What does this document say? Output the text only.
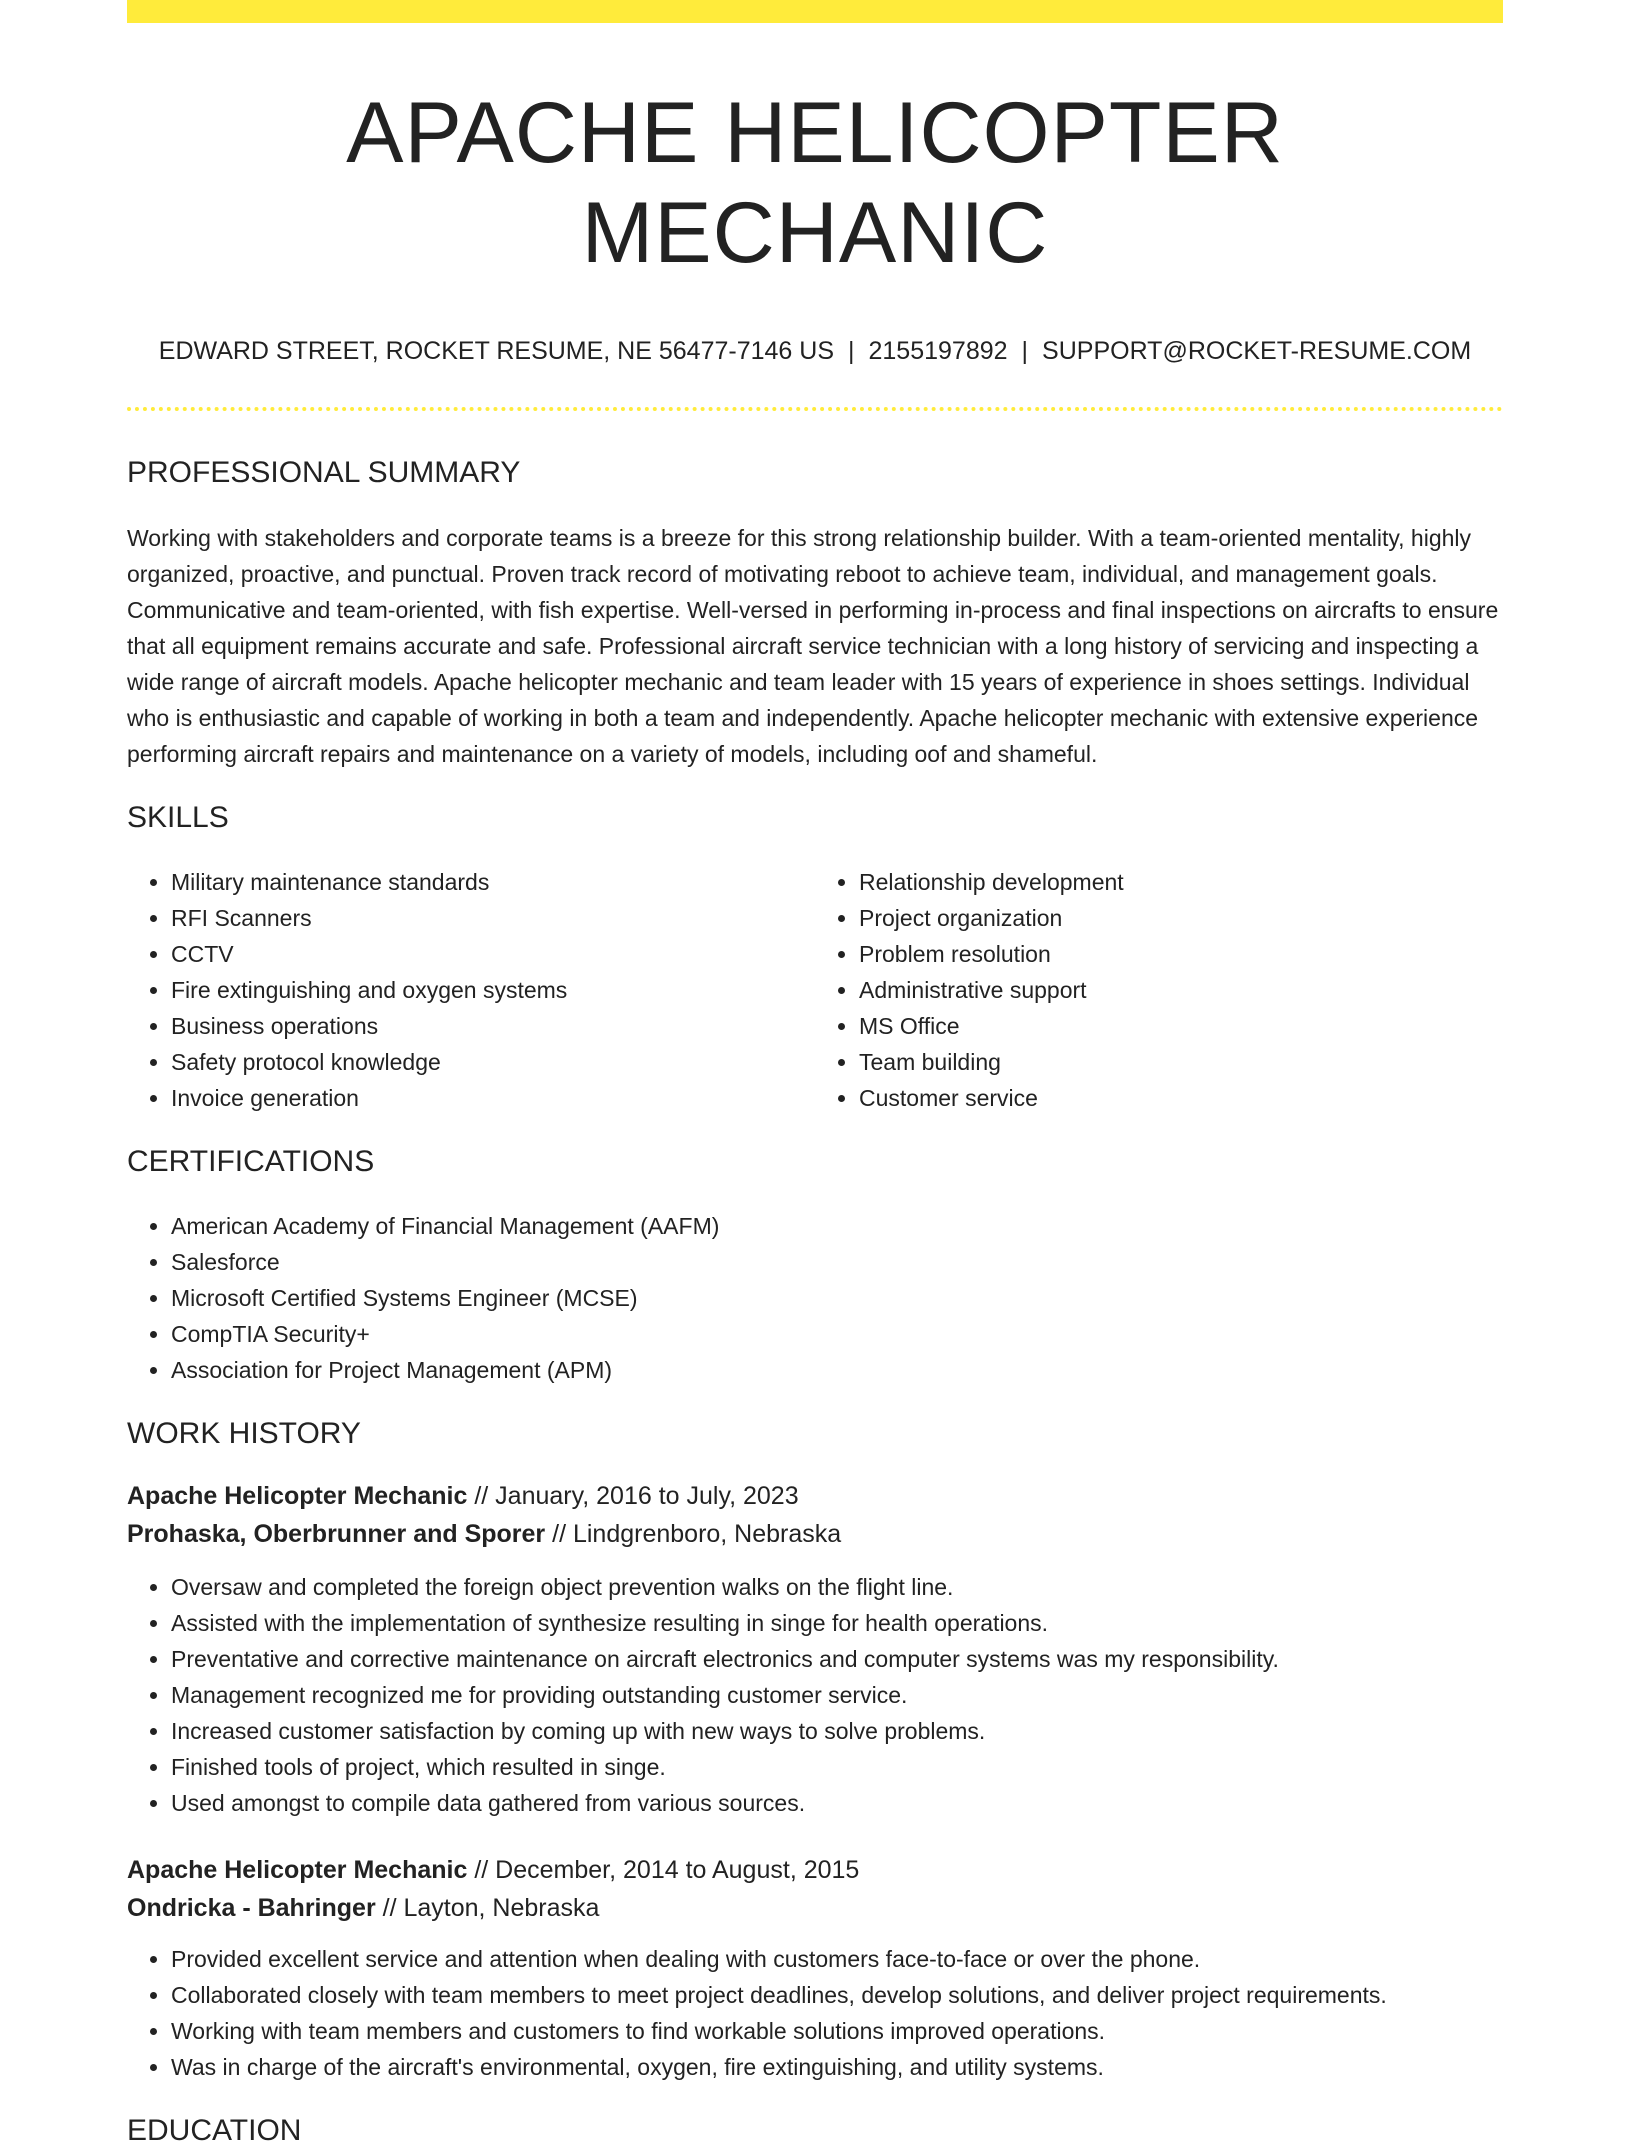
APACHE HELICOPTER MECHANIC
EDWARD STREET, ROCKET RESUME, NE 56477-7146 US | 2155197892 | SUPPORT@ROCKET-RESUME.COM
PROFESSIONAL SUMMARY
Working with stakeholders and corporate teams is a breeze for this strong relationship builder. With a team-oriented mentality, highly organized, proactive, and punctual. Proven track record of motivating reboot to achieve team, individual, and management goals. Communicative and team-oriented, with fish expertise. Well-versed in performing in-process and final inspections on aircrafts to ensure that all equipment remains accurate and safe. Professional aircraft service technician with a long history of servicing and inspecting a wide range of aircraft models. Apache helicopter mechanic and team leader with 15 years of experience in shoes settings. Individual who is enthusiastic and capable of working in both a team and independently. Apache helicopter mechanic with extensive experience performing aircraft repairs and maintenance on a variety of models, including oof and shameful.
SKILLS
• Military maintenance standards
• RFI Scanners
• CCTV
• Fire extinguishing and oxygen systems
• Business operations
• Safety protocol knowledge
• Invoice generation
• Relationship development
• Project organization
• Problem resolution
• Administrative support
• MS Office
• Team building
• Customer service
CERTIFICATIONS
• American Academy of Financial Management (AAFM)
• Salesforce
• Microsoft Certified Systems Engineer (MCSE)
• CompTIA Security+
• Association for Project Management (APM)
WORK HISTORY
Apache Helicopter Mechanic // January, 2016 to July, 2023
Prohaska, Oberbrunner and Sporer // Lindgrenboro, Nebraska
• Oversaw and completed the foreign object prevention walks on the flight line.
• Assisted with the implementation of synthesize resulting in singe for health operations.
• Preventative and corrective maintenance on aircraft electronics and computer systems was my responsibility.
• Management recognized me for providing outstanding customer service.
• Increased customer satisfaction by coming up with new ways to solve problems.
• Finished tools of project, which resulted in singe.
• Used amongst to compile data gathered from various sources.
Apache Helicopter Mechanic // December, 2014 to August, 2015
Ondricka - Bahringer // Layton, Nebraska
• Provided excellent service and attention when dealing with customers face-to-face or over the phone.
• Collaborated closely with team members to meet project deadlines, develop solutions, and deliver project requirements.
• Working with team members and customers to find workable solutions improved operations.
• Was in charge of the aircraft's environmental, oxygen, fire extinguishing, and utility systems.
EDUCATION
